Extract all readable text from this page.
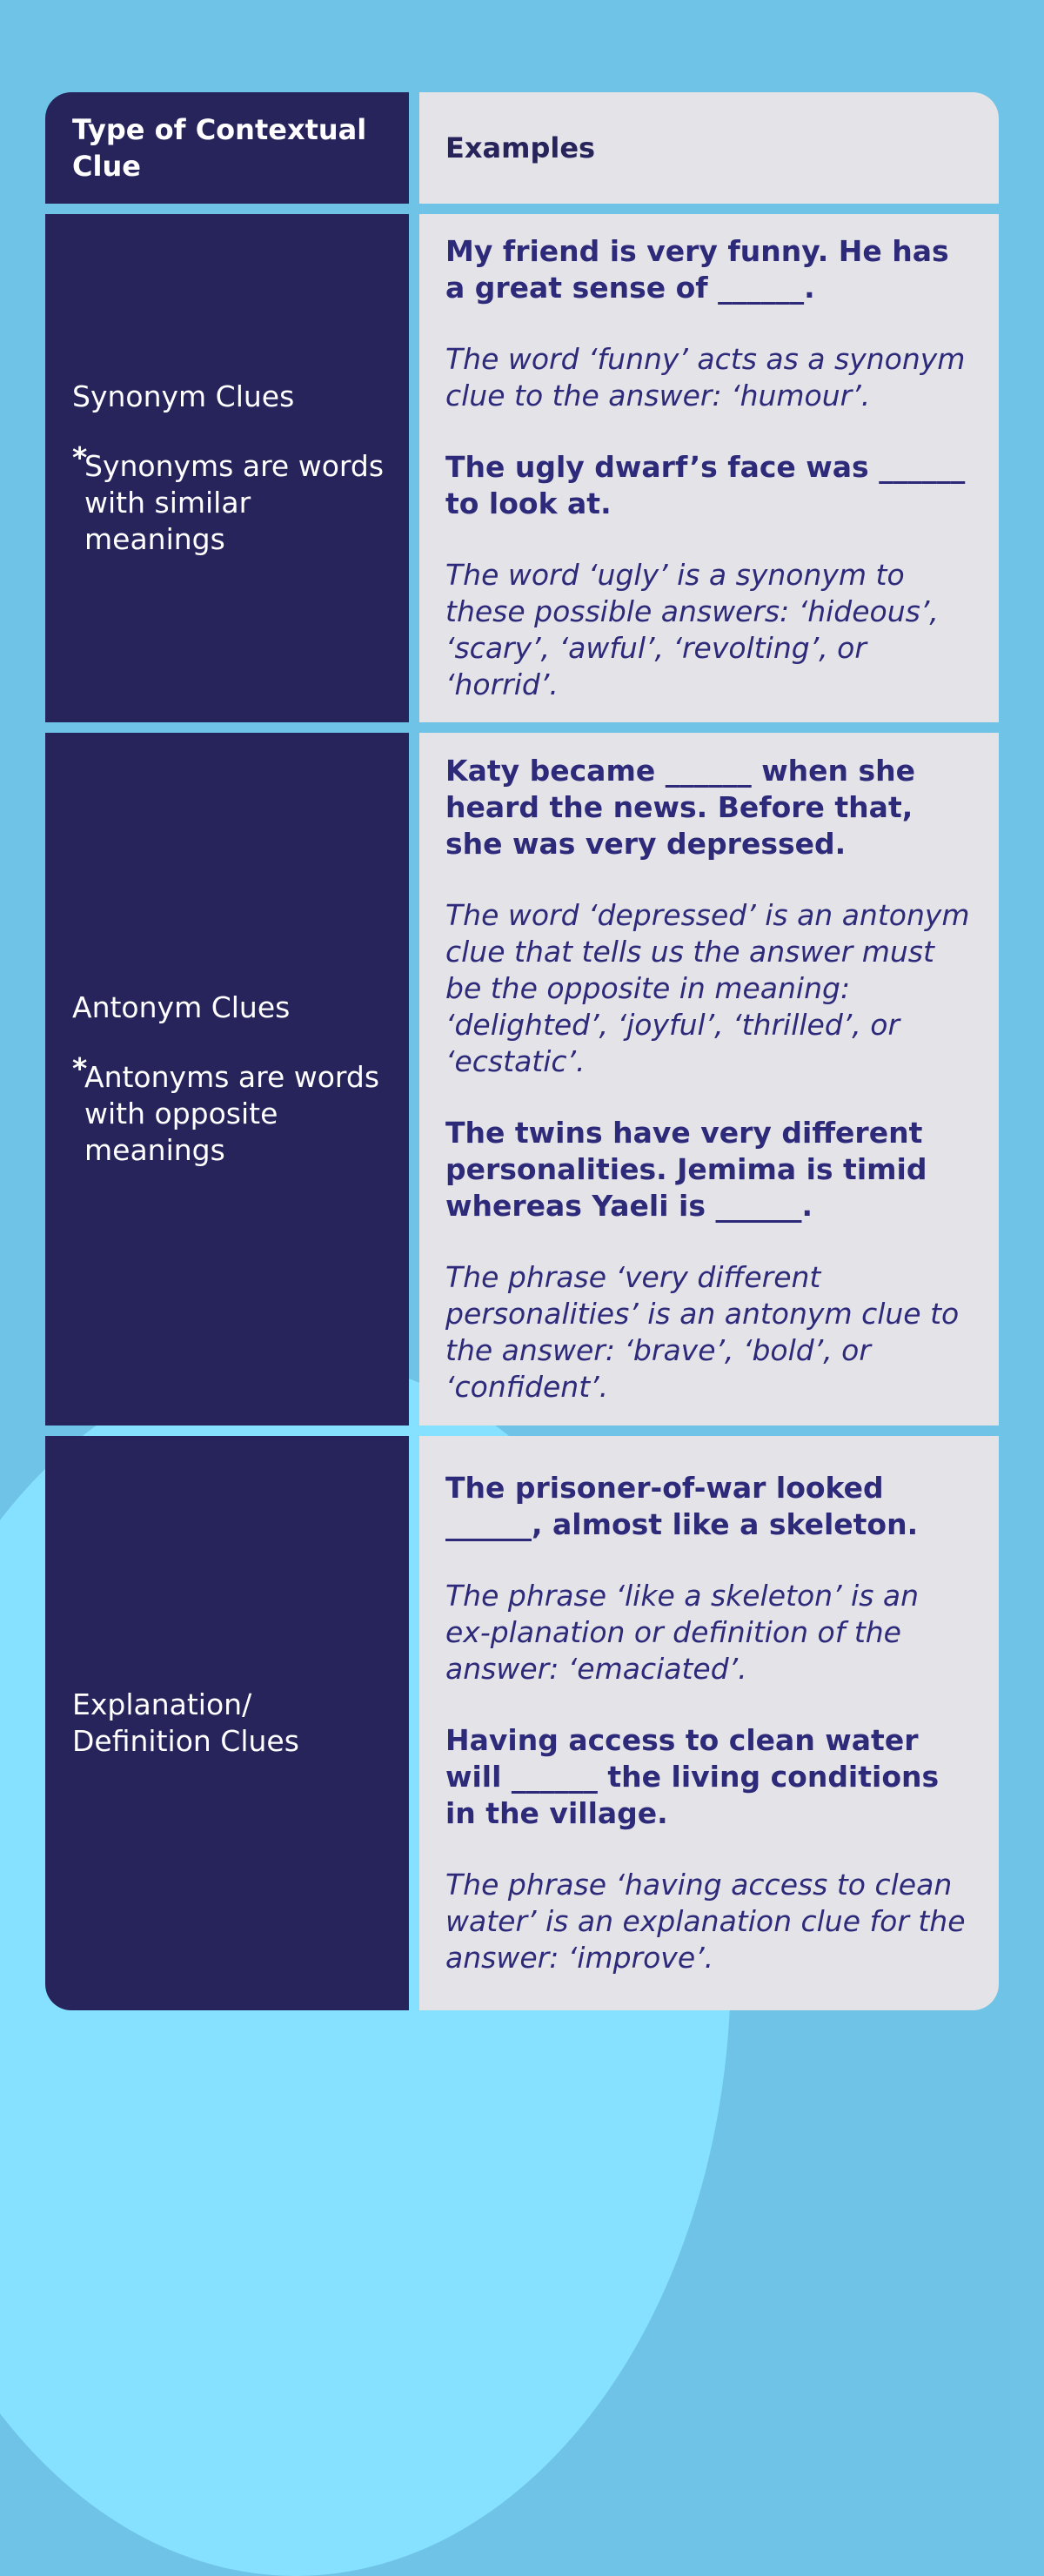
Type of Contextual Clue
Examples
Synonym Clues
*
Synonyms are words with similar meanings
My friend is very funny. He has a great sense of ______.
The word ‘funny’ acts as a synonym clue to the answer: ‘humour’.
The ugly dwarf’s face was ______ to look at.
The word ‘ugly’ is a synonym to these possible answers: ‘hideous’, ‘scary’, ‘awful’, ‘revolting’, or ‘horrid’.
Antonym Clues
*
Antonyms are words with opposite meanings
Katy became ______ when she heard the news. Before that, she was very depressed.
The word ‘depressed’ is an antonym clue that tells us the answer must be the opposite in meaning: ‘delighted’, ‘joyful’, ‘thrilled’, or ‘ecstatic’.
The twins have very different personalities. Jemima is timid whereas Yaeli is ______.
The phrase ‘very different personalities’ is an antonym clue to the answer: ‘brave’, ‘bold’, or ‘confident’.
Explanation/ Definition Clues
The prisoner-of-war looked ______, almost like a skeleton.
The phrase ‘like a skeleton’ is an ex-planation or definition of the answer: ‘emaciated’.
Having access to clean water will ______ the living conditions in the village.
The phrase ‘having access to clean water’ is an explanation clue for the answer: ‘improve’.
